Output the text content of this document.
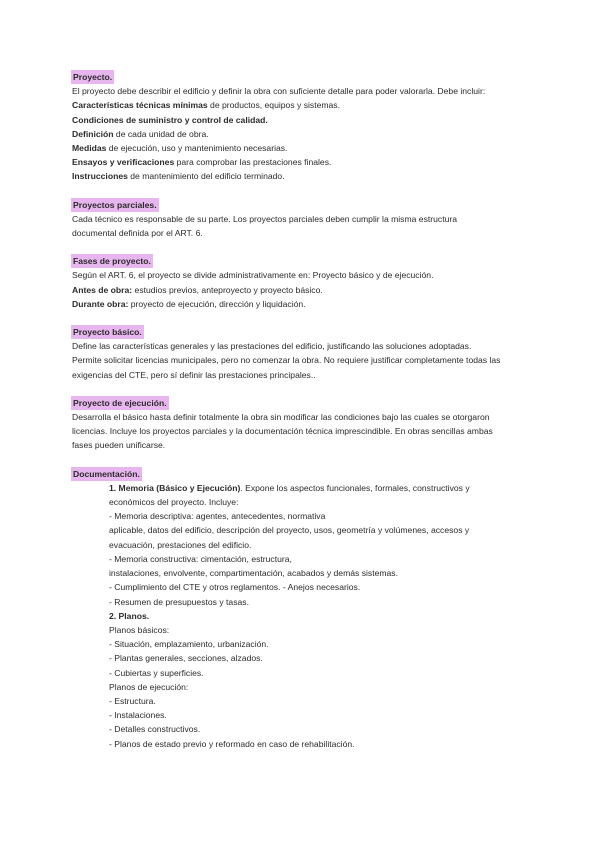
Proyecto.

El proyecto debe describir el edificio y definir la obra con suficiente detalle para poder valorarla. Debe incluir:

Características técnicas mínimas de productos, equipos y sistemas.

Condiciones de suministro y control de calidad.

Definición de cada unidad de obra.

Medidas de ejecución, uso y mantenimiento necesarias.

Ensayos y verificaciones para comprobar las prestaciones finales.

Instrucciones de mantenimiento del edificio terminado.

Proyectos parciales.

Cada técnico es responsable de su parte. Los proyectos parciales deben cumplir la misma estructura

documental definida por el ART. 6.

Fases de proyecto.

Según el ART. 6, el proyecto se divide administrativamente en: Proyecto básico y de ejecución.

Antes de obra: estudios previos, anteproyecto y proyecto básico.

Durante obra: proyecto de ejecución, dirección y liquidación.

Proyecto básico.

Define las características generales y las prestaciones del edificio, justificando las soluciones adoptadas.

Permite solicitar licencias municipales, pero no comenzar la obra. No requiere justificar completamente todas las

exigencias del CTE, pero sí definir las prestaciones principales..

Proyecto de ejecución.

Desarrolla el básico hasta definir totalmente la obra sin modificar las condiciones bajo las cuales se otorgaron

licencias. Incluye los proyectos parciales y la documentación técnica imprescindible. En obras sencillas ambas

fases pueden unificarse.

Documentación.

1. Memoria (Básico y Ejecución). Expone los aspectos funcionales, formales, constructivos y

económicos del proyecto. Incluye:

- Memoria descriptiva: agentes, antecedentes, normativa

aplicable, datos del edificio, descripción del proyecto, usos, geometría y volúmenes, accesos y

evacuación, prestaciones del edificio.

- Memoria constructiva: cimentación, estructura,

instalaciones, envolvente, compartimentación, acabados y demás sistemas.

- Cumplimiento del CTE y otros reglamentos. - Anejos necesarios.

- Resumen de presupuestos y tasas.

2. Planos.

Planos básicos:

- Situación, emplazamiento, urbanización.

- Plantas generales, secciones, alzados.

- Cubiertas y superficies.

Planos de ejecución:

- Estructura.

- Instalaciones.

- Detalles constructivos.

- Planos de estado previo y reformado en caso de rehabilitación.
